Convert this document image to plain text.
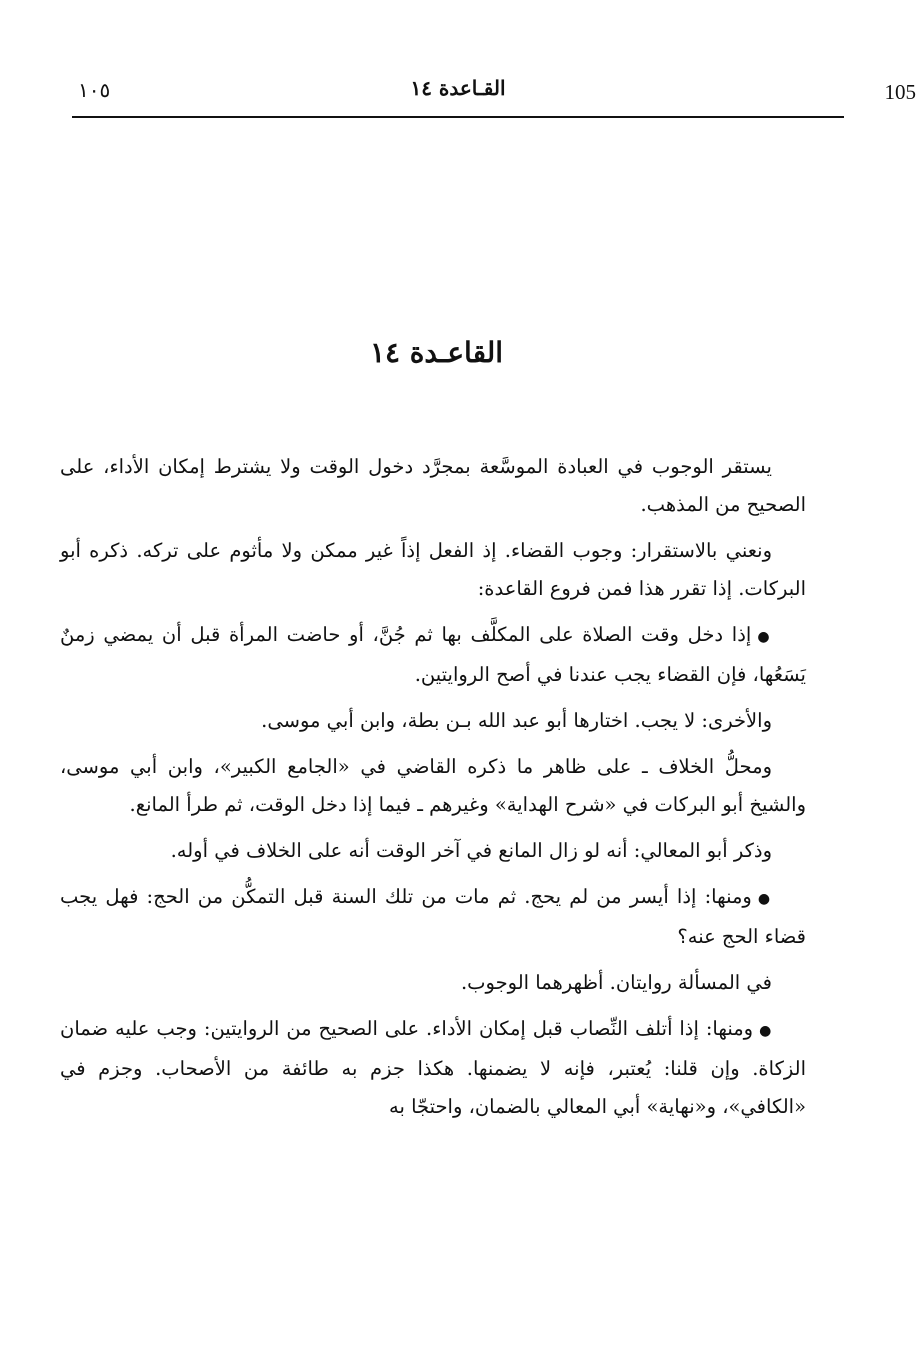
105
القـاعدة ١٤
١٠٥
القاعـدة ١٤

يستقر الوجوب في العبادة الموسَّعة بمجرَّد دخول الوقت ولا يشترط إمكان الأداء، على الصحيح من المذهب.

ونعني بالاستقرار: وجوب القضاء. إذ الفعل إذاً غير ممكن ولا مأثوم على تركه. ذكره أبو البركات. إذا تقرر هذا فمن فروع القاعدة:

●إذا دخل وقت الصلاة على المكلَّف بها ثم جُنَّ، أو حاضت المرأة قبل أن يمضي زمنٌ يَسَعُها، فإن القضاء يجب عندنا في أصح الروايتين.

والأخرى: لا يجب. اختارها أبو عبد الله بـن بطة، وابن أبي موسى.

ومحلُّ الخلاف ـ على ظاهر ما ذكره القاضي في «الجامع الكبير»، وابن أبي موسى، والشيخ أبو البركات في «شرح الهداية» وغيرهم ـ فيما إذا دخل الوقت، ثم طرأ المانع.

وذكر أبو المعالي: أنه لو زال المانع في آخر الوقت أنه على الخلاف في أوله.

●ومنها: إذا أيسر من لم يحج. ثم مات من تلك السنة قبل التمكُّن من الحج: فهل يجب قضاء الحج عنه؟

في المسألة روايتان. أظهرهما الوجوب.

●ومنها: إذا أتلف النِّصاب قبل إمكان الأداء. على الصحيح من الروايتين: وجب عليه ضمان الزكاة. وإن قلنا: يُعتبر، فإنه لا يضمنها. هكذا جزم به طائفة من الأصحاب. وجزم في «الكافي»، و«نهاية» أبي المعالي بالضمان، واحتجّا به
